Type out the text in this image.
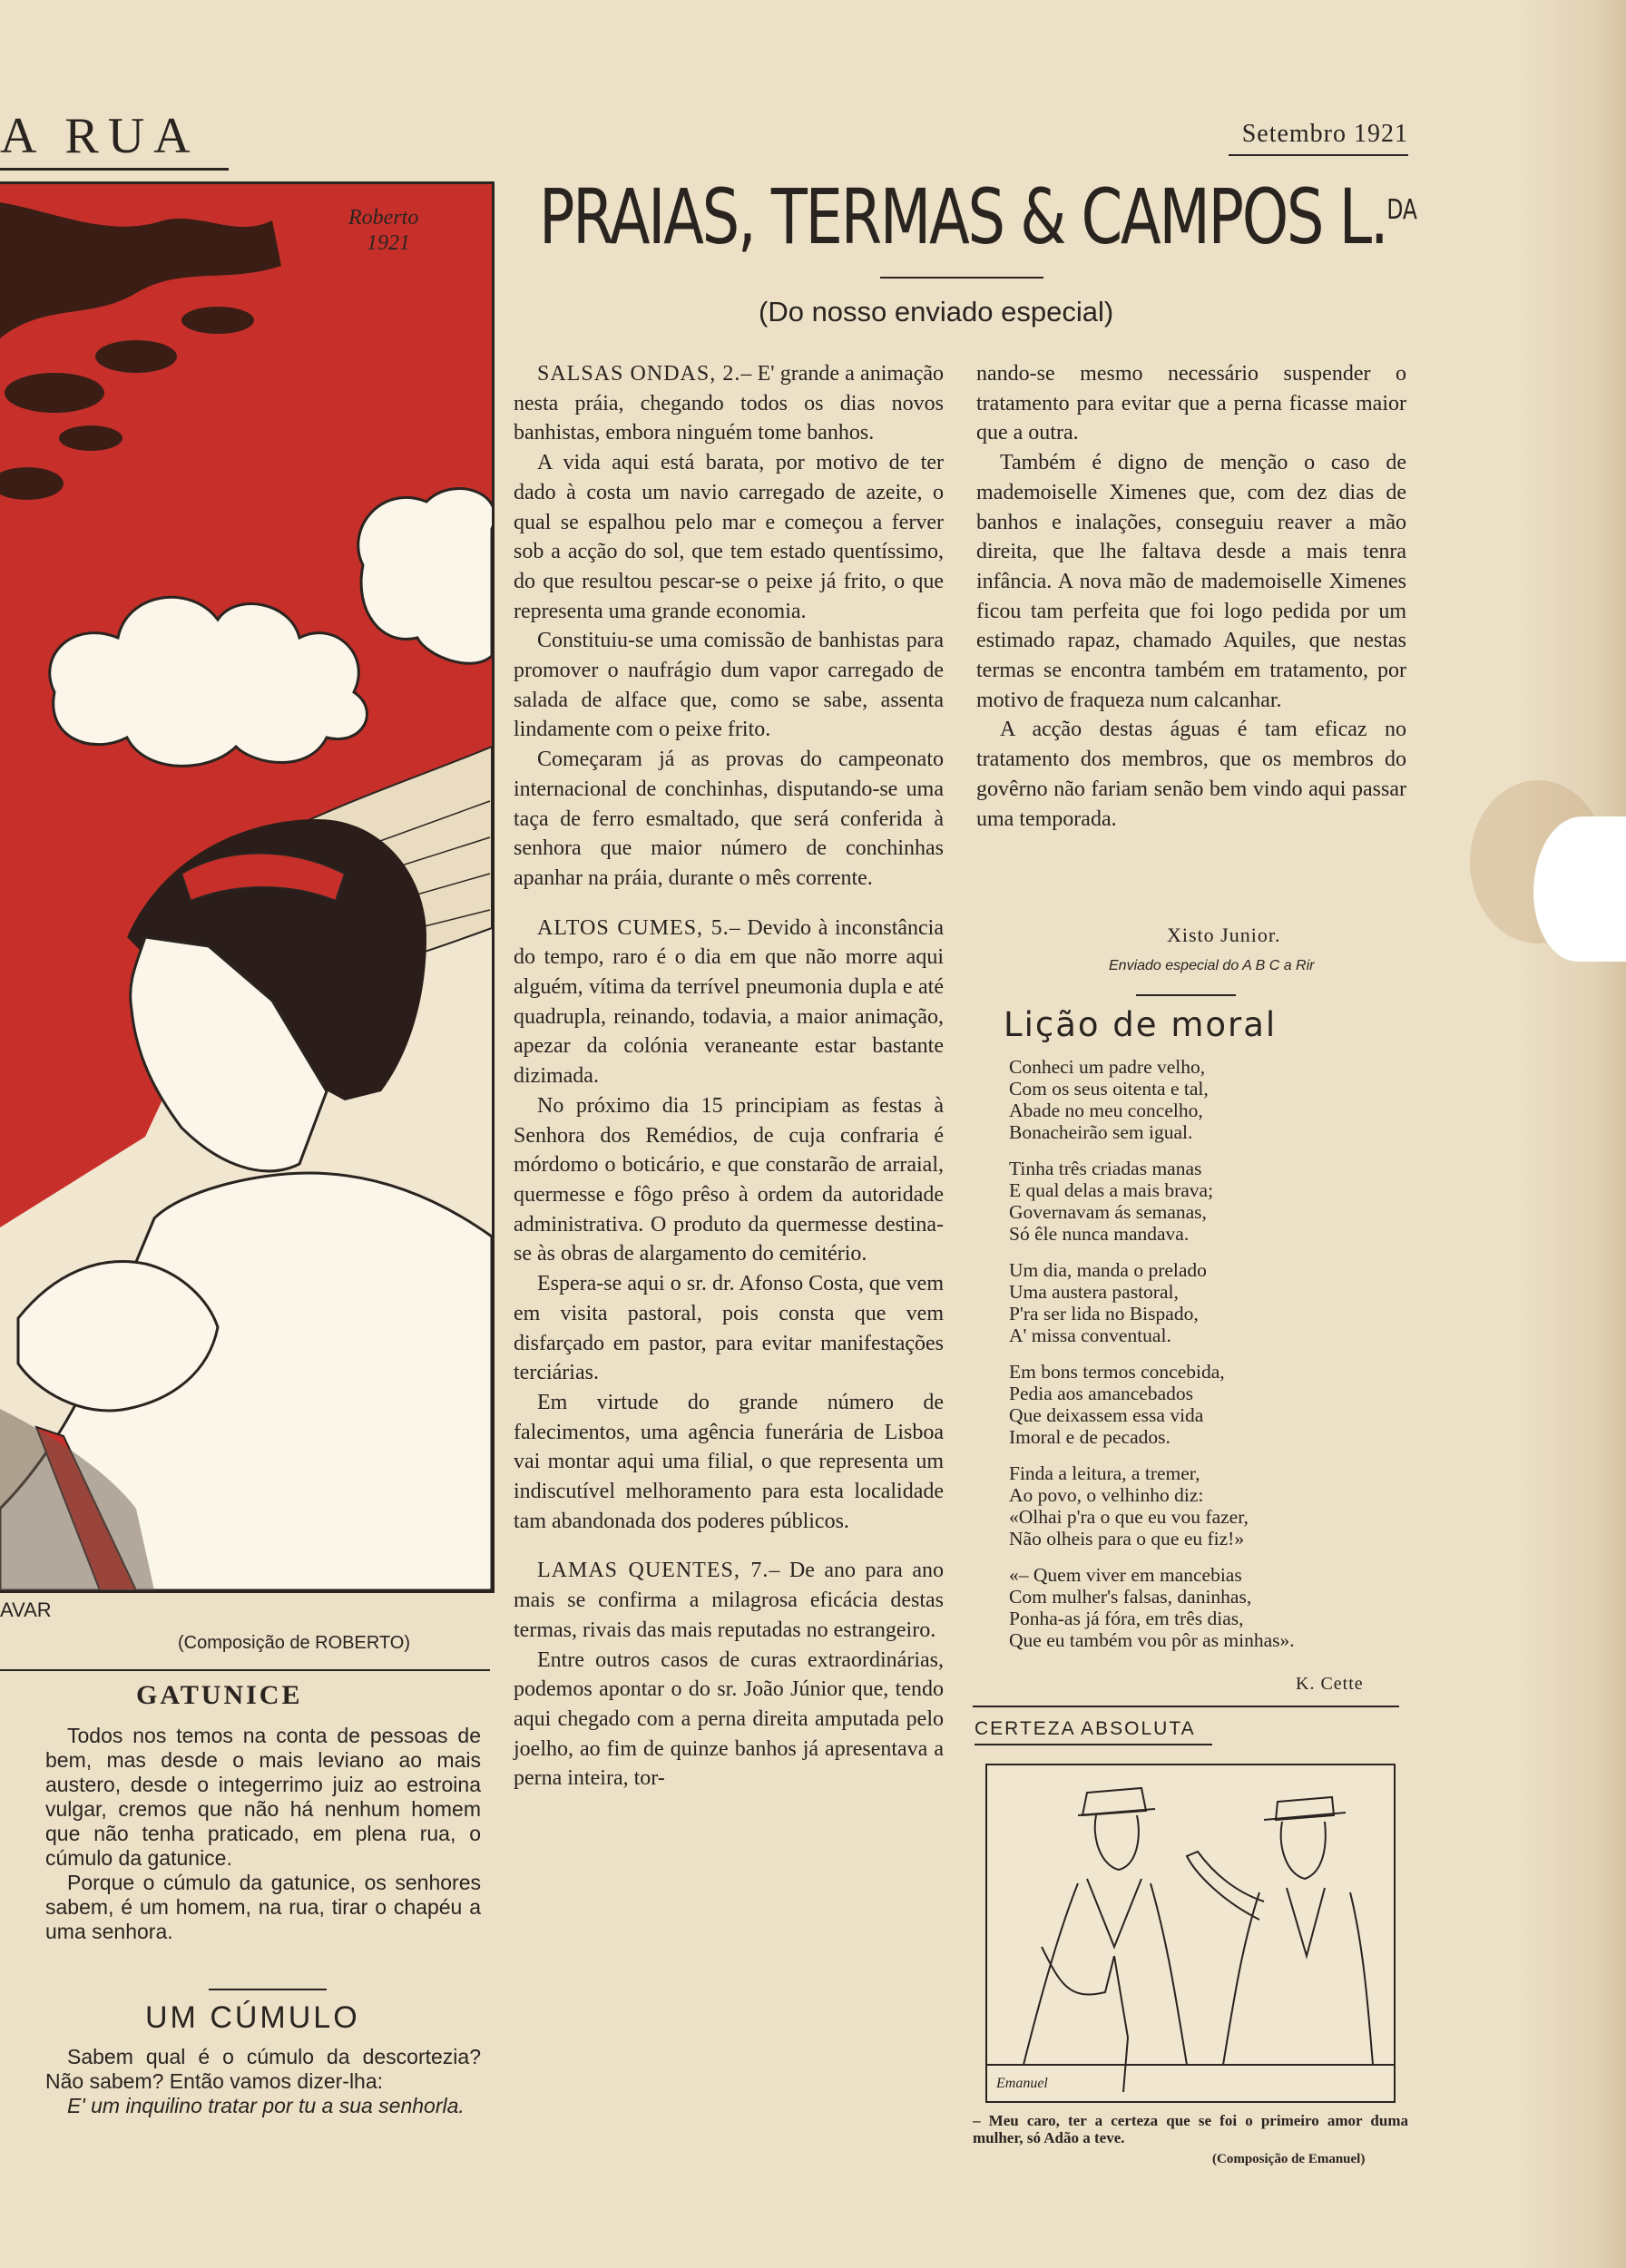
A RUA	Setembro 1921
Roberto
1921
AVAR
(Composição de ROBERTO)
GATUNICE

Todos nos temos na conta de pessoas de bem, mas desde o mais leviano ao mais austero, desde o integerrimo juiz ao estroina vulgar, cremos que não há nenhum homem que não tenha praticado, em plena rua, o cúmulo da gatunice.

Porque o cúmulo da gatunice, os senhores sabem, é um homem, na rua, tirar o chapéu a uma senhora.

UM CÚMULO

Sabem qual é o cúmulo da descortezia? Não sabem? Então vamos dizer-lha:

E' um inquilino tratar por tu a sua senhorla.

PRAIAS, TERMAS & CAMPOS L.$^{DA}$
(Do nosso enviado especial)

SALSAS ONDAS, 2.– E' grande a animação nesta práia, chegando todos os dias novos banhistas, embora ninguém tome banhos.

A vida aqui está barata, por motivo de ter dado à costa um navio carregado de azeite, o qual se espalhou pelo mar e começou a ferver sob a acção do sol, que tem estado quentíssimo, do que resultou pescar-se o peixe já frito, o que representa uma grande economia.

Constituiu-se uma comissão de banhistas para promover o naufrágio dum vapor carregado de salada de alface que, como se sabe, assenta lindamente com o peixe frito.

Começaram já as provas do campeonato internacional de conchinhas, disputando-se uma taça de ferro esmaltado, que será conferida à senhora que maior número de conchinhas apanhar na práia, durante o mês corrente.

ALTOS CUMES, 5.– Devido à inconstância do tempo, raro é o dia em que não morre aqui alguém, vítima da terrível pneumonia dupla e até quadrupla, reinando, todavia, a maior animação, apezar da colónia veraneante estar bastante dizimada.

No próximo dia 15 principiam as festas à Senhora dos Remédios, de cuja confraria é mórdomo o boticário, e que constarão de arraial, quermesse e fôgo prêso à ordem da autoridade administrativa. O produto da quermesse destina-se às obras de alargamento do cemitério.

Espera-se aqui o sr. dr. Afonso Costa, que vem em visita pastoral, pois consta que vem disfarçado em pastor, para evitar manifestações terciárias.

Em virtude do grande número de falecimentos, uma agência funerária de Lisboa vai montar aqui uma filial, o que representa um indiscutível melhoramento para esta localidade tam abandonada dos poderes públicos.

LAMAS QUENTES, 7.– De ano para ano mais se confirma a milagrosa eficácia destas termas, rivais das mais reputadas no estrangeiro.

Entre outros casos de curas extraordinárias, podemos apontar o do sr. João Júnior que, tendo aqui chegado com a perna direita amputada pelo joelho, ao fim de quinze banhos já apresentava a perna inteira, tor-

nando-se mesmo necessário suspender o tratamento para evitar que a perna ficasse maior que a outra.

Também é digno de menção o caso de mademoiselle Ximenes que, com dez dias de banhos e inalações, conseguiu reaver a mão direita, que lhe faltava desde a mais tenra infância. A nova mão de mademoiselle Ximenes ficou tam perfeita que foi logo pedida por um estimado rapaz, chamado Aquiles, que nestas termas se encontra também em tratamento, por motivo de fraqueza num calcanhar.

A acção destas águas é tam eficaz no tratamento dos membros, que os membros do govêrno não fariam senão bem vindo aqui passar uma temporada.

Xisto Junior.
Enviado especial do A B C a Rir
Lição de moral
Conheci um padre velho,
Com os seus oitenta e tal,
Abade no meu concelho,
Bonacheirão sem igual.
Tinha três criadas manas
E qual delas a mais brava;
Governavam ás semanas,
Só êle nunca mandava.
Um dia, manda o prelado
Uma austera pastoral,
P'ra ser lida no Bispado,
A' missa conventual.
Em bons termos concebida,
Pedia aos amancebados
Que deixassem essa vida
Imoral e de pecados.
Finda a leitura, a tremer,
Ao povo, o velhinho diz:
«Olhai p'ra o que eu vou fazer,
Não olheis para o que eu fiz!»
«– Quem viver em mancebias
Com mulher's falsas, daninhas,
Ponha-as já fóra, em três dias,
Que eu também vou pôr as minhas».
K. Cette
CERTEZA ABSOLUTA
Emanuel
– Meu caro, ter a certeza que se foi o primeiro amor duma mulher, só Adão a teve.
(Composição de Emanuel)
